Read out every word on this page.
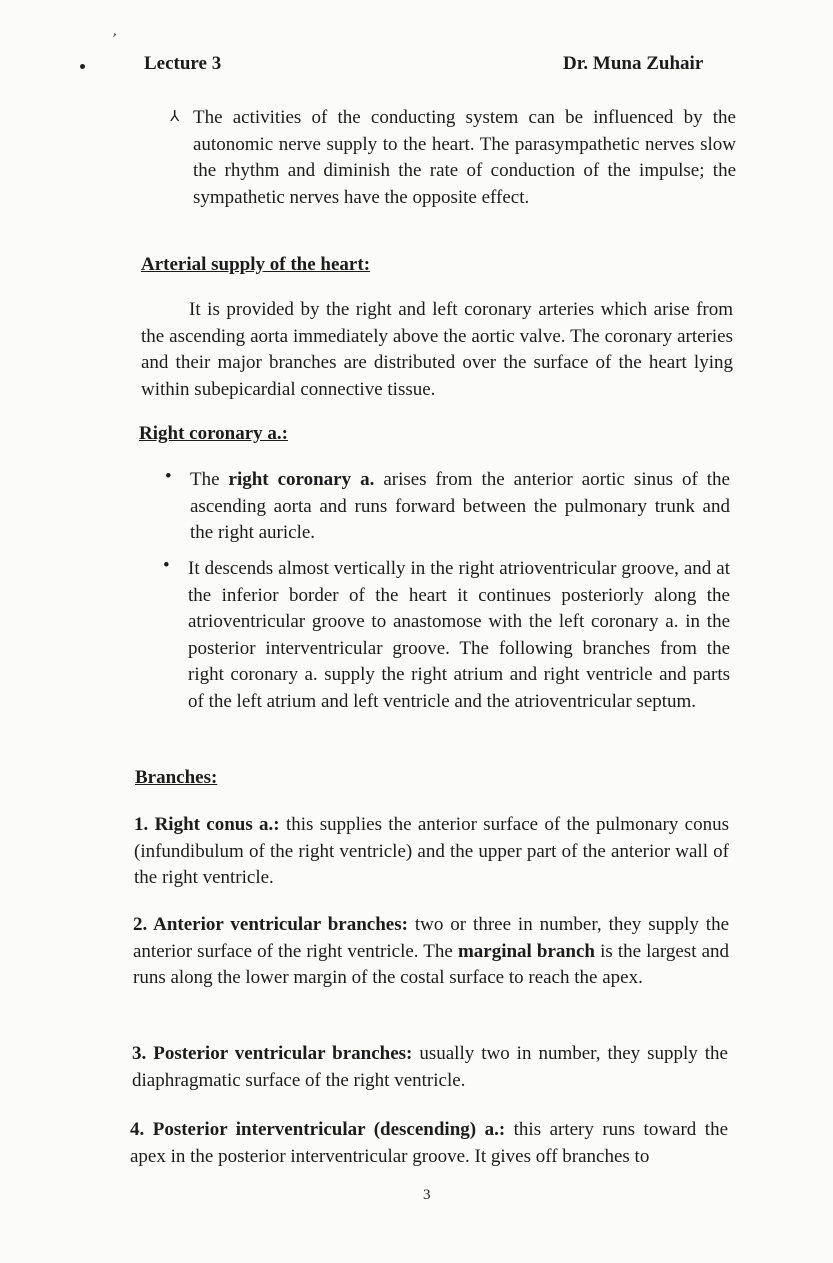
,
Lecture 3	Dr. Muna Zuhair
⅄ The activities of the conducting system can be influenced by the autonomic nerve supply to the heart. The parasympathetic nerves slow the rhythm and diminish the rate of conduction of the impulse; the sympathetic nerves have the opposite effect.

Arterial supply of the heart:

It is provided by the right and left coronary arteries which arise from the ascending aorta immediately above the aortic valve. The coronary arteries and their major branches are distributed over the surface of the heart lying within subepicardial connective tissue.

Right coronary a.:
• The right coronary a. arises from the anterior aortic sinus of the ascending aorta and runs forward between the pulmonary trunk and the right auricle.

• It descends almost vertically in the right atrioventricular groove, and at the inferior border of the heart it continues posteriorly along the atrioventricular groove to anastomose with the left coronary a. in the posterior interventricular groove. The following branches from the right coronary a. supply the right atrium and right ventricle and parts of the left atrium and left ventricle and the atrioventricular septum.

Branches:

1. Right conus a.: this supplies the anterior surface of the pulmonary conus (infundibulum of the right ventricle) and the upper part of the anterior wall of the right ventricle.

2. Anterior ventricular branches: two or three in number, they supply the anterior surface of the right ventricle. The marginal branch is the largest and runs along the lower margin of the costal surface to reach the apex.

3. Posterior ventricular branches: usually two in number, they supply the diaphragmatic surface of the right ventricle.

4. Posterior interventricular (descending) a.: this artery runs toward the apex in the posterior interventricular groove. It gives off branches to

3
